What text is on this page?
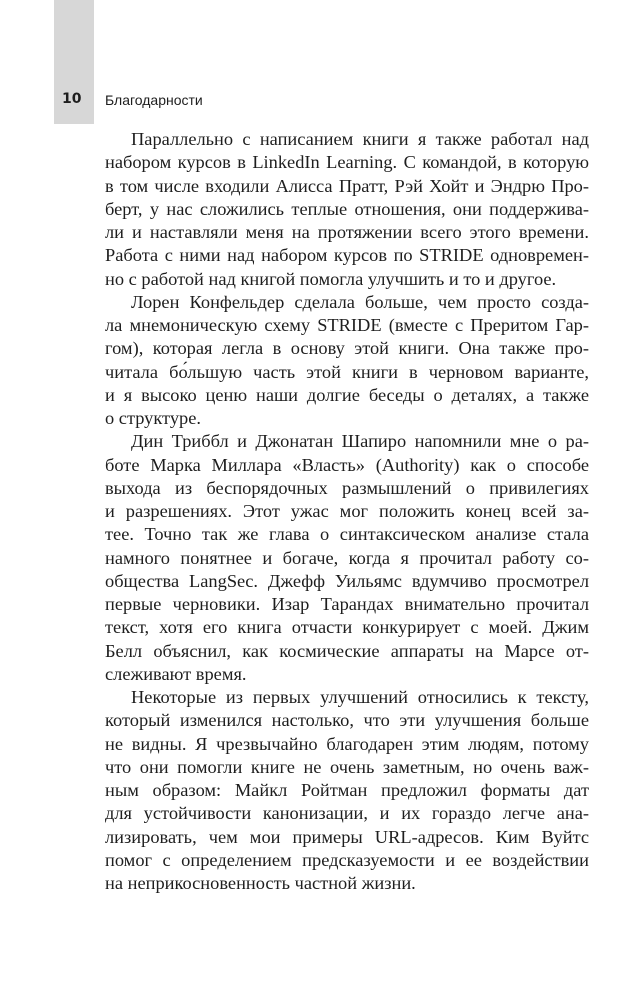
10 Благодарности
Параллельно с написанием книги я также работал над
набором курсов в LinkedIn Learning. С командой, в которую
в том числе входили Алисса Пратт, Рэй Хойт и Эндрю Про-
берт, у нас сложились теплые отношения, они поддержива-
ли и наставляли меня на протяжении всего этого времени.
Работа с ними над набором курсов по STRIDE одновремен-
но с работой над книгой помогла улучшить и то и другое.
Лорен Конфельдер сделала больше, чем просто созда-
ла мнемоническую схему STRIDE (вместе с Преритом Гар-
гом), которая легла в основу этой книги. Она также про-
читала бо́льшую часть этой книги в черновом варианте,
и я высоко ценю наши долгие беседы о деталях, а также
о структуре.
Дин Триббл и Джонатан Шапиро напомнили мне о ра-
боте Марка Миллара «Власть» (Authority) как о способе
выхода из беспорядочных размышлений о привилегиях
и разрешениях. Этот ужас мог положить конец всей за-
тее. Точно так же глава о синтаксическом анализе стала
намного понятнее и богаче, когда я прочитал работу со-
общества LangSec. Джефф Уильямс вдумчиво просмотрел
первые черновики. Изар Тарандах внимательно прочитал
текст, хотя его книга отчасти конкурирует с моей. Джим
Белл объяснил, как космические аппараты на Марсе от-
слеживают время.
Некоторые из первых улучшений относились к тексту,
который изменился настолько, что эти улучшения больше
не видны. Я чрезвычайно благодарен этим людям, потому
что они помогли книге не очень заметным, но очень важ-
ным образом: Майкл Ройтман предложил форматы дат
для устойчивости канонизации, и их гораздо легче ана-
лизировать, чем мои примеры URL-адресов. Ким Вуйтс
помог с определением предсказуемости и ее воздействии
на неприкосновенность частной жизни.
